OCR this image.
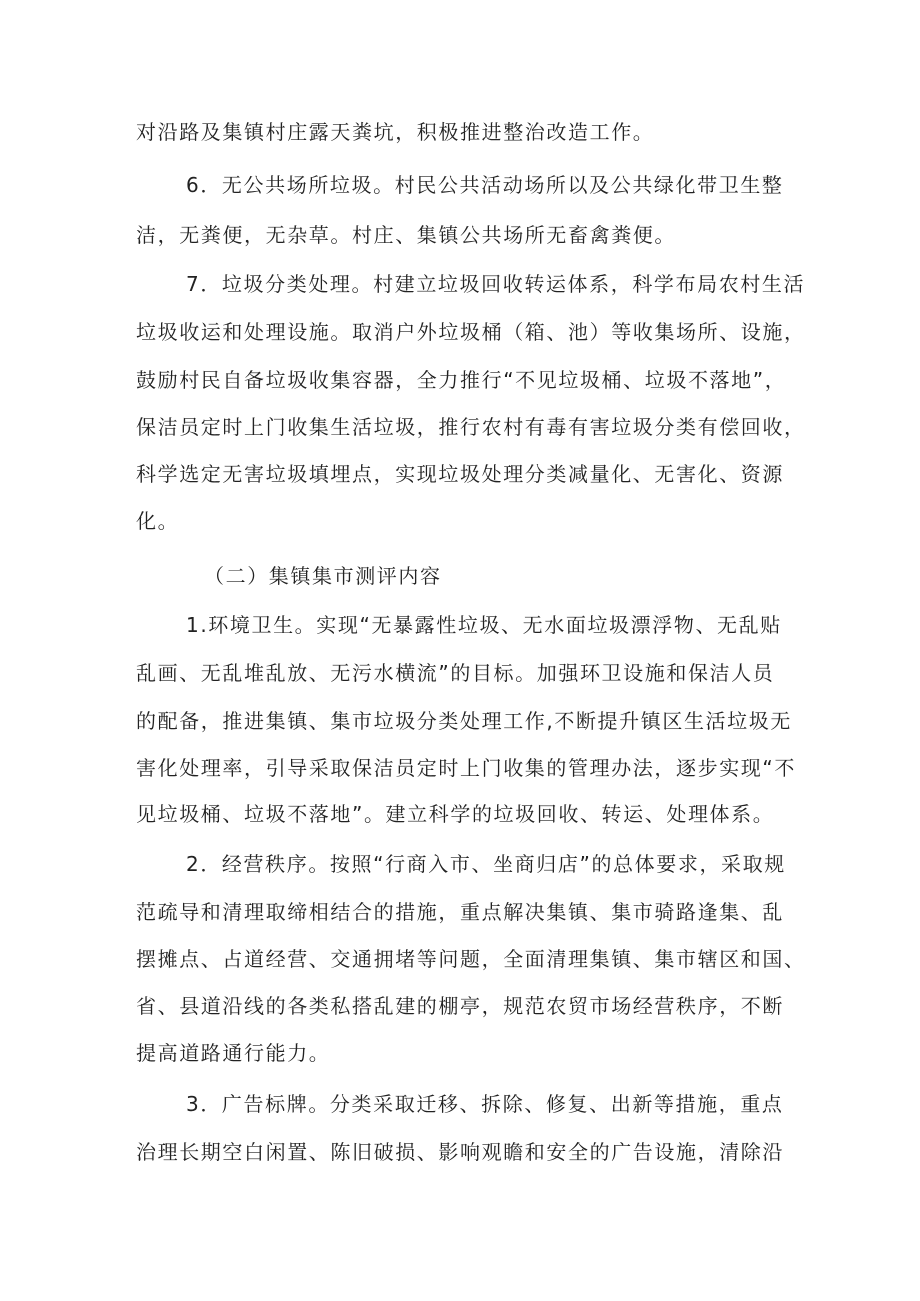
对沿路及集镇村庄露天粪坑，积极推进整治改造工作。
6．无公共场所垃圾。村民公共活动场所以及公共绿化带卫生整
洁，无粪便，无杂草。村庄、集镇公共场所无畜禽粪便。
7．垃圾分类处理。村建立垃圾回收转运体系，科学布局农村生活
垃圾收运和处理设施。取消户外垃圾桶（箱、池）等收集场所、设施，
鼓励村民自备垃圾收集容器，全力推行“不见垃圾桶、垃圾不落地”，
保洁员定时上门收集生活垃圾，推行农村有毒有害垃圾分类有偿回收，
科学选定无害垃圾填埋点，实现垃圾处理分类减量化、无害化、资源
化。
（二）集镇集市测评内容
1.环境卫生。实现“无暴露性垃圾、无水面垃圾漂浮物、无乱贴
乱画、无乱堆乱放、无污水横流”的目标。加强环卫设施和保洁人员
的配备，推进集镇、集市垃圾分类处理工作,不断提升镇区生活垃圾无
害化处理率，引导采取保洁员定时上门收集的管理办法，逐步实现“不
见垃圾桶、垃圾不落地”。建立科学的垃圾回收、转运、处理体系。
2．经营秩序。按照“行商入市、坐商归店”的总体要求，采取规
范疏导和清理取缔相结合的措施，重点解决集镇、集市骑路逢集、乱
摆摊点、占道经营、交通拥堵等问题，全面清理集镇、集市辖区和国、
省、县道沿线的各类私搭乱建的棚亭，规范农贸市场经营秩序，不断
提高道路通行能力。
3．广告标牌。分类采取迁移、拆除、修复、出新等措施，重点
治理长期空白闲置、陈旧破损、影响观瞻和安全的广告设施，清除沿
